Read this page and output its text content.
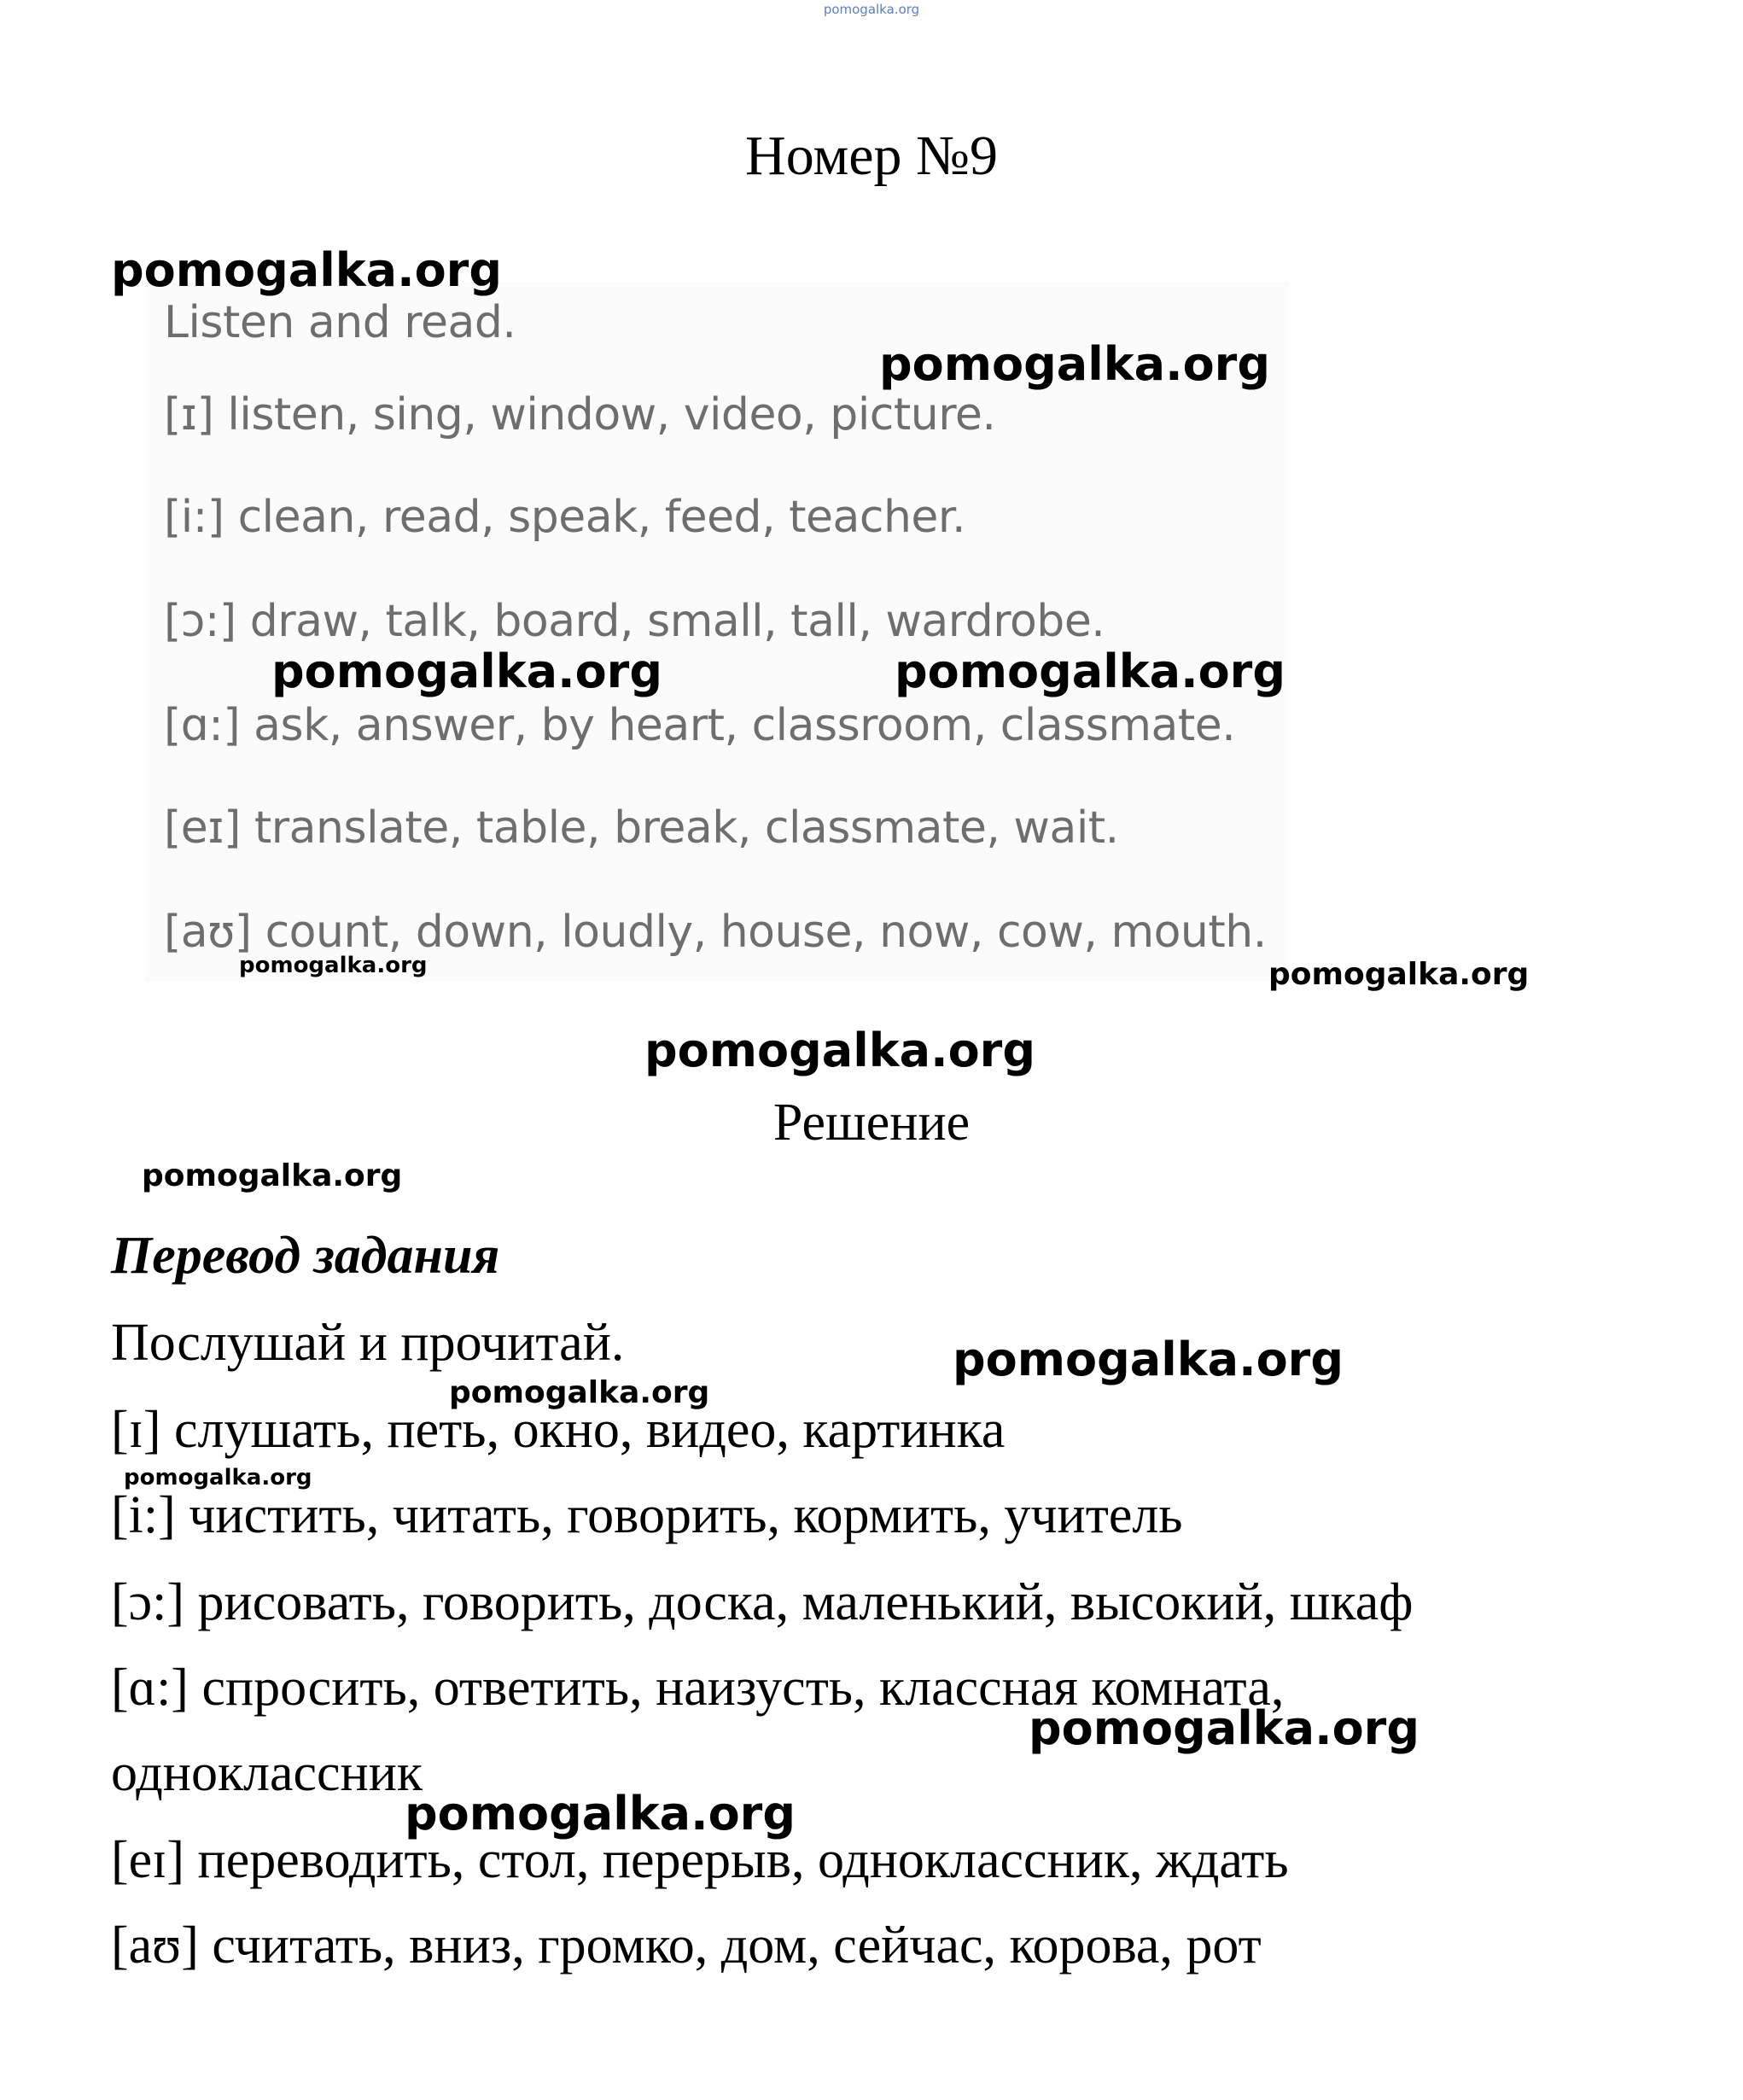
pomogalka.org
Номер №9
Listen and read.
[ɪ] listen, sing, window, video, picture.
[i:] clean, read, speak, feed, teacher.
[ɔ:] draw, talk, board, small, tall, wardrobe.
[ɑ:] ask, answer, by heart, classroom, classmate.
[eɪ] translate, table, break, classmate, wait.
[aʊ] count, down, loudly, house, now, cow, mouth.
Решение
Перевод задания
Послушай и прочитай.
[ɪ] слушать, петь, окно, видео, картинка
[i:] чистить, читать, говорить, кормить, учитель
[ɔ:] рисовать, говорить, доска, маленький, высокий, шкаф
[ɑ:] спросить, ответить, наизусть, классная комната,
одноклассник
[eɪ] переводить, стол, перерыв, одноклассник, ждать
[aʊ] считать, вниз, громко, дом, сейчас, корова, рот
pomogalka.org
pomogalka.org
pomogalka.org	pomogalka.org
pomogalka.org	pomogalka.org
pomogalka.org
pomogalka.org
pomogalka.org
pomogalka.org
pomogalka.org
pomogalka.org
pomogalka.org
